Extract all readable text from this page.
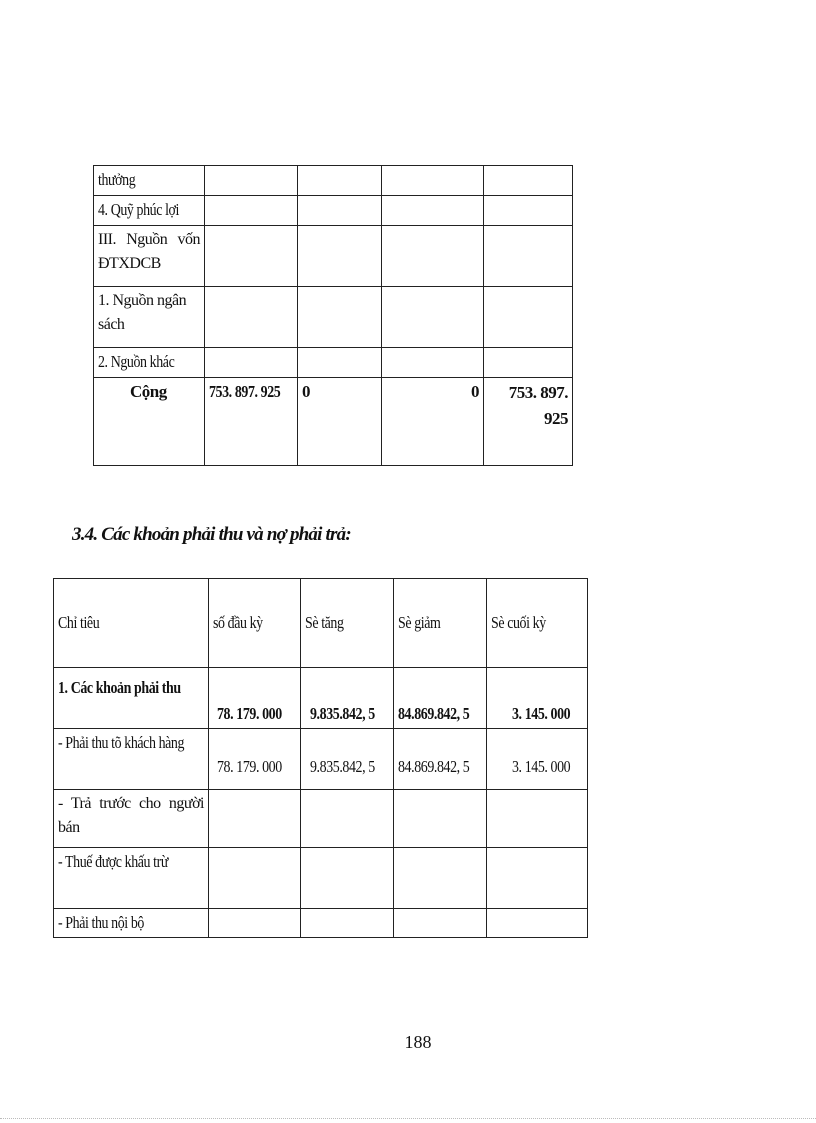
thưởng				
4. Quỹ phúc lợi				

III. Nguồn vốn ĐTXDCB				

1. Nguồn ngân sách				

2. Nguồn khác				
Cộng	753. 897. 925	0	0	753. 897. 925
3.4. Các khoản phải thu và nợ phải trả:
Chỉ tiêu	số đầu kỳ	Sè tăng	Sè giảm	Sè cuối kỳ
1. Các khoản phải thu	78. 179. 000	9.835.842, 5	84.869.842, 5	3. 145. 000
- Phải thu tõ khách hàng	78. 179. 000	9.835.842, 5	84.869.842, 5	3. 145. 000

- Trả trước cho người bán				

- Thuế được khấu trừ				
- Phải thu nội bộ				
188
